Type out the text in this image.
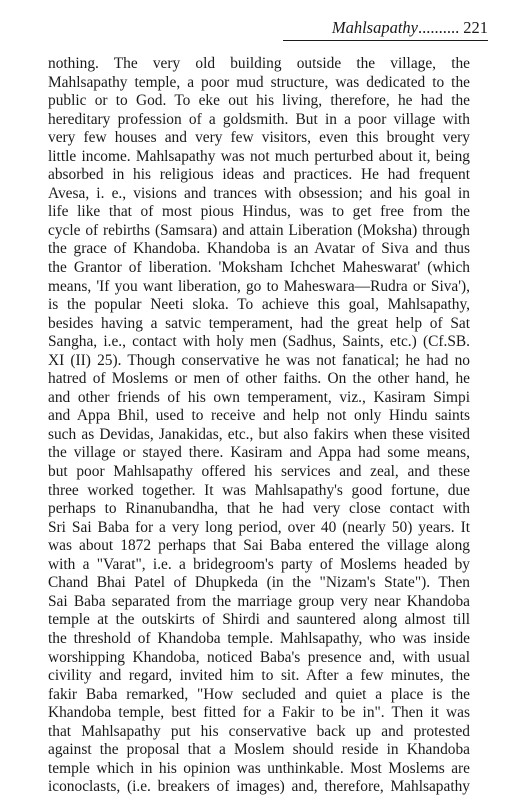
Mahlsapathy.......... 221

nothing. The very old building outside the village, the
Mahlsapathy temple, a poor mud structure, was dedicated to the
public or to God. To eke out his living, therefore, he had the
hereditary profession of a goldsmith. But in a poor village with
very few houses and very few visitors, even this brought very
little income. Mahlsapathy was not much perturbed about it, being
absorbed in his religious ideas and practices. He had frequent
Avesa, i. e., visions and trances with obsession; and his goal in
life like that of most pious Hindus, was to get free from the
cycle of rebirths (Samsara) and attain Liberation (Moksha) through
the grace of Khandoba. Khandoba is an Avatar of Siva and thus
the Grantor of liberation. 'Moksham Ichchet Maheswarat' (which
means, 'If you want liberation, go to Maheswara—Rudra or Siva'),
is the popular Neeti sloka. To achieve this goal, Mahlsapathy,
besides having a satvic temperament, had the great help of Sat
Sangha, i.e., contact with holy men (Sadhus, Saints, etc.) (Cf.SB.
XI (II) 25). Though conservative he was not fanatical; he had no
hatred of Moslems or men of other faiths. On the other hand, he
and other friends of his own temperament, viz., Kasiram Simpi
and Appa Bhil, used to receive and help not only Hindu saints
such as Devidas, Janakidas, etc., but also fakirs when these visited
the village or stayed there. Kasiram and Appa had some means,
but poor Mahlsapathy offered his services and zeal, and these
three worked together. It was Mahlsapathy's good fortune, due
perhaps to Rinanubandha, that he had very close contact with
Sri Sai Baba for a very long period, over 40 (nearly 50) years. It
was about 1872 perhaps that Sai Baba entered the village along
with a "Varat", i.e. a bridegroom's party of Moslems headed by
Chand Bhai Patel of Dhupkeda (in the "Nizam's State"). Then
Sai Baba separated from the marriage group very near Khandoba
temple at the outskirts of Shirdi and sauntered along almost till
the threshold of Khandoba temple. Mahlsapathy, who was inside
worshipping Khandoba, noticed Baba's presence and, with usual
civility and regard, invited him to sit. After a few minutes, the
fakir Baba remarked, "How secluded and quiet a place is the
Khandoba temple, best fitted for a Fakir to be in". Then it was
that Mahlsapathy put his conservative back up and protested
against the proposal that a Moslem should reside in Khandoba
temple which in his opinion was unthinkable. Most Moslems are
iconoclasts, (i.e. breakers of images) and, therefore, Mahlsapathy
